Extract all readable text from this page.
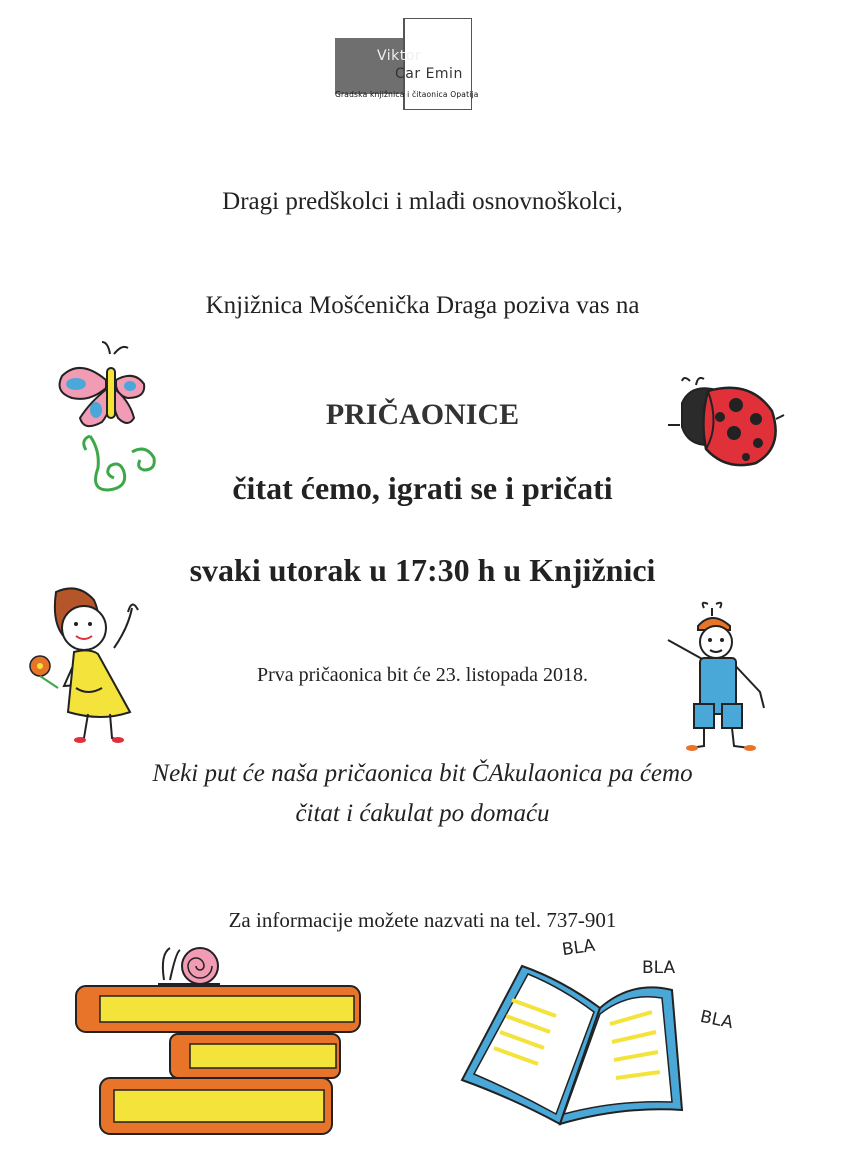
Viktor
Car Emin
Gradska knjižnica i čitaonica Opatija
Dragi predškolci i mlađi osnovnoškolci,
Knjižnica Mošćenička Draga poziva vas na
PRIČAONICE
čitat ćemo, igrati se i pričati
svaki utorak u 17:30 h u Knjižnici
Prva pričaonica bit će 23. listopada 2018.
Neki put će naša pričaonica bit ČAkulaonica pa ćemo
čitat i ćakulat po domaću
Za informacije možete nazvati na tel. 737-901
BLA
BLA
BLA
